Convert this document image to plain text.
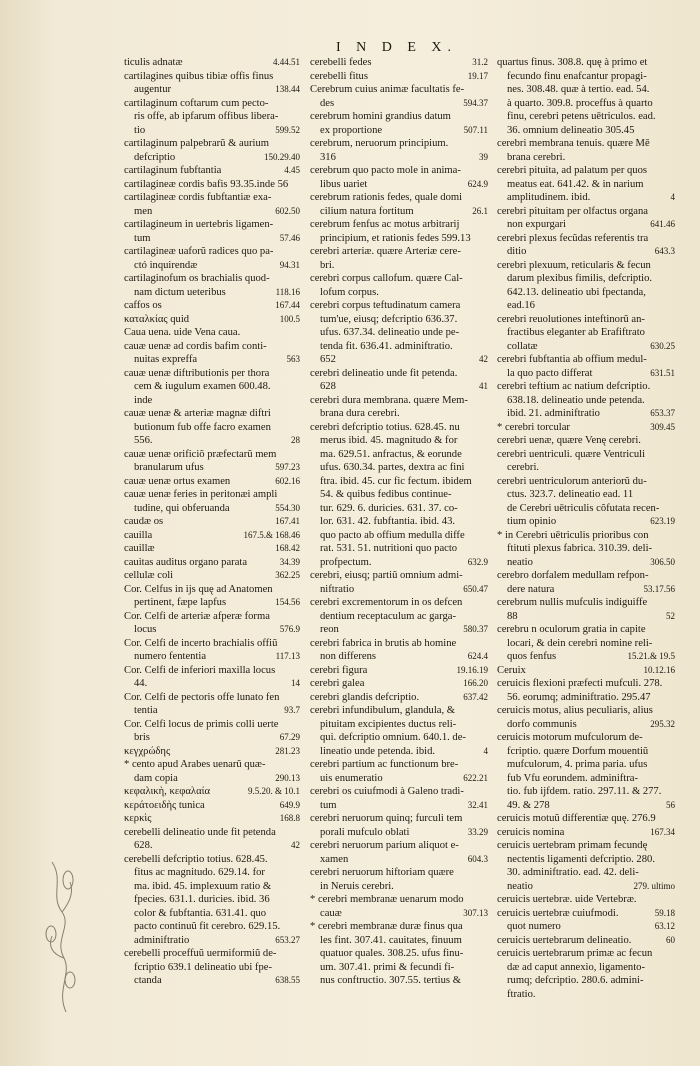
I N D E X.
ticulis adnatæ	4.44.51
cartilagines quibus tibiæ offis finus
augentur	138.44
cartilaginum coftarum cum pecto-
ris offe, ab ipfarum offibus libera-
tio	599.52
cartilaginum palpebrarũ & aurium
defcriptio	150.29.40
cartilaginum fubftantia	4.45
cartilagineæ cordis bafis 93.35.inde 56
cartilagineæ cordis fubftantiæ exa-
men	602.50
cartilagineum in uertebris ligamen-
tum	57.46
cartilagineæ uaforũ radices quo pa-
ctó inquirendæ	94.31
cartilaginofum os brachialis quod-
nam dictum ueteribus	118.16
caffos os	167.44
καταλκίας quid	100.5
Caua uena. uide Vena caua.
cauæ uenæ ad cordis bafim conti-
nuitas expreffa	563
cauæ uenæ diftributionis per thora
cem & iugulum examen 600.48.
inde
cauæ uenæ & arteriæ magnæ diftri
butionum fub offe facro examen
556.	28
cauæ uenæ orificiõ præfectarũ mem
branularum ufus	597.23
cauæ uenæ ortus examen	602.16
cauæ uenæ feries in peritonæi ampli
tudine, qui obferuanda	554.30
caudæ os	167.41
cauilla	167.5.& 168.46
cauillæ	168.42
cauitas auditus organo parata	34.39
cellulæ coli	362.25
Cor. Celfus in ijs quę ad Anatomen
pertinent, fæpe lapfus	154.56
Cor. Celfi de arteriæ afperæ forma
locus	576.9
Cor. Celfi de incerto brachialis offiũ
numero fententia	117.13
Cor. Celfi de inferiori maxilla locus
44.	14
Cor. Celfi de pectoris offe lunato fen
tentia	93.7
Cor. Celfi locus de primis colli uerte
bris	67.29
κεγχρώδης	281.23
* cento apud Arabes uenarũ quæ-
dam copia	290.13
κεφαλικὴ, κεφαλαία	9.5.20. & 10.1
κεράτοειδὴς tunica	649.9
κερκὶς	168.8
cerebelli delineatio unde fit petenda
628.	42
cerebelli defcriptio totius. 628.45.
fitus ac magnitudo. 629.14. for
ma. ibid. 45. implexuum ratio &
fpecies. 631.1. duricies. ibid. 36
color & fubftantia. 631.41. quo
pacto continuũ fit cerebro. 629.15.
adminiftratio	653.27
cerebelli proceffuũ uermiformiũ de-
fcriptio 639.1 delineatio ubi fpe-
ctanda	638.55
cerebelli fedes	31.2
cerebelli fitus	19.17
Cerebrum cuius animæ facultatis fe-
des	594.37
cerebrum homini grandius datum
ex proportione	507.11
cerebrum, neruorum principium.
316	39
cerebrum quo pacto mole in anima-
libus uariet	624.9
cerebrum rationis fedes, quale domi
cilium natura fortitum	26.1
cerebrum fenfus ac motus arbitrarij
principium, et rationis fedes 599.13
cerebri arteriæ. quære Arteriæ cere-
bri.
cerebri corpus callofum. quære Cal-
lofum corpus.
cerebri corpus teftudinatum camera
tum'ue, eiusq; defcriptio 636.37.
ufus. 637.34. delineatio unde pe-
tenda fit. 636.41. adminiftratio.
652	42
cerebri delineatio unde fit petenda.
628	41
cerebri dura membrana. quære Mem-
brana dura cerebri.
cerebri defcriptio totius. 628.45. nu
merus ibid. 45. magnitudo & for
ma. 629.51. anfractus, & eorunde
ufus. 630.34. partes, dextra ac fini
ftra. ibid. 45. cur fic fectum. ibidem
54. & quibus fedibus continue-
tur. 629. 6. duricies. 631. 37. co-
lor. 631. 42. fubftantia. ibid. 43.
quo pacto ab offium medulla diffe
rat. 531. 51. nutritioni quo pacto
profpectum.	632.9
cerebri, eiusq; partiũ omnium admi-
niftratio	650.47
cerebri excrementorum in os defcen
dentium receptaculum ac garga-
reon	580.37
cerebri fabrica in brutis ab homine
non differens	624.4
cerebri figura	19.16.19
cerebri galea	166.20
cerebri glandis defcriptio.	637.42
cerebri infundibulum, glandula, &
pituitam excipientes ductus reli-
qui. defcriptio omnium. 640.1. de-
lineatio unde petenda. ibid.	4
cerebri partium ac functionum bre-
uis enumeratio	622.21
cerebri os cuiufmodi à Galeno tradi-
tum	32.41
cerebri neruorum quinq; furculi tem
porali mufculo oblati	33.29
cerebri neruorum parium aliquot e-
xamen	604.3
cerebri neruorum hiftoriam quære
in Neruis cerebri.
* cerebri membranæ uenarum modo
cauæ	307.13
* cerebri membranæ duræ finus qua
les fint. 307.41. cauitates, finuum
quatuor quales. 308.25. ufus finu-
um. 307.41. primi & fecundi fi-
nus conftructio. 307.55. tertius &
quartus finus. 308.8. quę à primo et
fecundo finu enafcantur propagi-
nes. 308.48. quæ à tertio. ead. 54.
à quarto. 309.8. proceffus à quarto
finu, cerebri petens uētriculos. ead.
36. omnium delineatio 305.45
cerebri membrana tenuis. quære Mē
brana cerebri.
cerebri pituita, ad palatum per quos
meatus eat. 641.42. & in narium
amplitudinem. ibid.	4
cerebri pituitam per olfactus organa
non expurgari	641.46
cerebri plexus fecũdas referentis tra
ditio	643.3
cerebri plexuum, reticularis & fecun
darum plexibus fimilis, defcriptio.
642.13. delineatio ubi fpectanda,
ead.16
cerebri reuolutiones inteftinorũ an-
fractibus eleganter ab Erafiftrato
collatæ	630.25
cerebri fubftantia ab offium medul-
la quo pacto differat	631.51
cerebri teftium ac natium defcriptio.
638.18. delineatio unde petenda.
ibid. 21. adminiftratio	653.37
* cerebri torcular	309.45
cerebri uenæ, quære Venę cerebri.
cerebri uentriculi. quære Ventriculi
cerebri.
cerebri uentriculorum anteriorũ du-
ctus. 323.7. delineatio ead. 11
de Cerebri uētriculis cõfutata recen-
tium opinio	623.19
* in Cerebri uētriculis prioribus con
ftituti plexus fabrica. 310.39. deli-
neatio	306.50
cerebro dorfalem medullam refpon-
dere natura	53.17.56
cerebrum nullis mufculis indiguiffe
88	52
cerebru n oculorum gratia in capite
locari, & dein cerebri nomine reli-
quos fenfus	15.21.& 19.5
Ceruix	10.12.16
ceruicis flexioni præfecti mufculi. 278.
56. eorumq; adminiftratio. 295.47
ceruicis motus, alius peculiaris, alius
dorfo communis	295.32
ceruicis motorum mufculorum de-
fcriptio. quære Dorfum mouentiũ
mufculorum, 4. prima paria. ufus
fub Vfu eorundem. adminiftra-
tio. fub ijfdem. ratio. 297.11. & 277.
49. & 278	56
ceruicis motuũ differentiæ quę. 276.9
ceruicis nomina	167.34
ceruicis uertebram primam fecundę
nectentis ligamenti defcriptio. 280.
30. adminiftratio. ead. 42. deli-
neatio	279. ultimo
ceruicis uertebræ. uide Vertebræ.
ceruicis uertebræ cuiufmodi.	59.18
quot numero	63.12
ceruicis uertebrarum delineatio.	60
ceruicis uertebrarum primæ ac fecun
dæ ad caput annexio, ligamento-
rumq; defcriptio. 280.6. admini-
ftratio.
